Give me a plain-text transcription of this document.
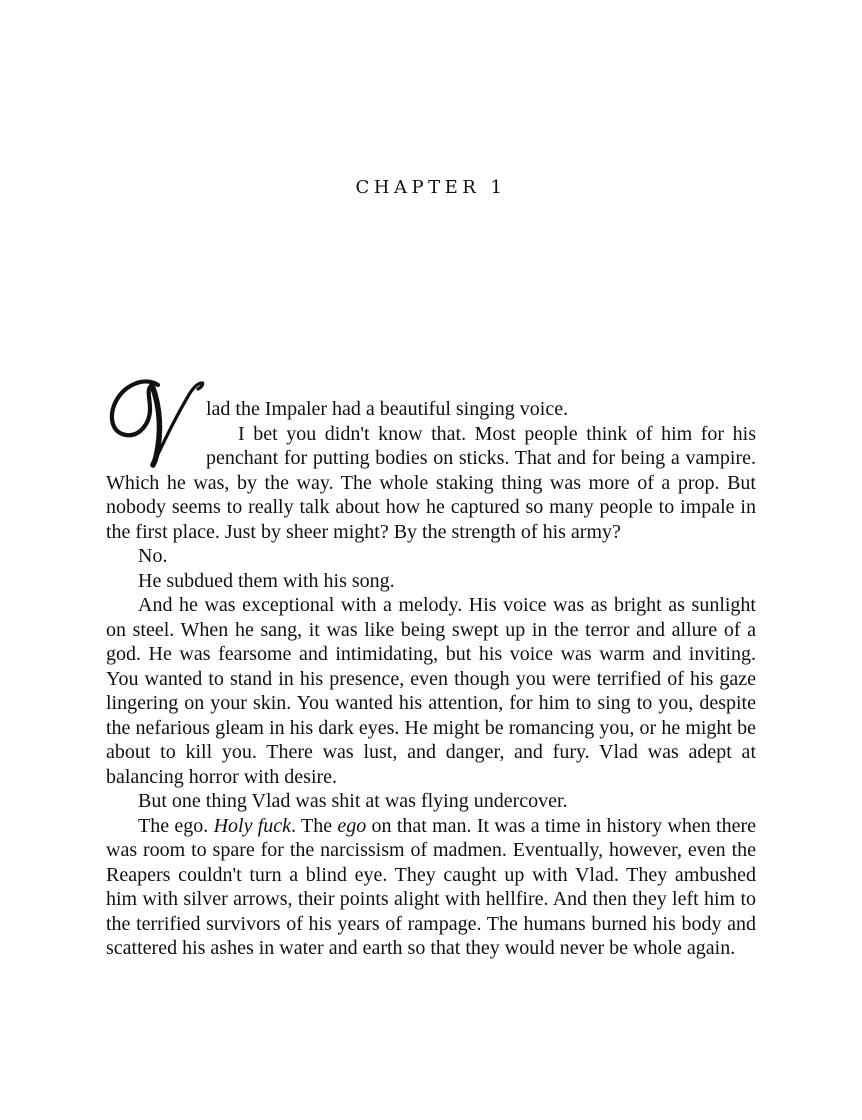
CHAPTER 1

lad the Impaler had a beautiful singing voice.

I bet you didn't know that. Most people think of him for his penchant for putting bodies on sticks. That and for being a vampire. Which he was, by the way. The whole staking thing was more of a prop. But nobody seems to really talk about how he captured so many people to impale in the first place. Just by sheer might? By the strength of his army?

No.

He subdued them with his song.

And he was exceptional with a melody. His voice was as bright as sunlight on steel. When he sang, it was like being swept up in the terror and allure of a god. He was fearsome and intimidating, but his voice was warm and inviting. You wanted to stand in his presence, even though you were terrified of his gaze lingering on your skin. You wanted his attention, for him to sing to you, despite the nefarious gleam in his dark eyes. He might be romancing you, or he might be about to kill you. There was lust, and danger, and fury. Vlad was adept at balancing horror with desire.

But one thing Vlad was shit at was flying undercover.

The ego. Holy fuck. The ego on that man. It was a time in history when there was room to spare for the narcissism of madmen. Eventually, however, even the Reapers couldn't turn a blind eye. They caught up with Vlad. They ambushed him with silver arrows, their points alight with hellfire. And then they left him to the terrified survivors of his years of rampage. The humans burned his body and scattered his ashes in water and earth so that they would never be whole again.
